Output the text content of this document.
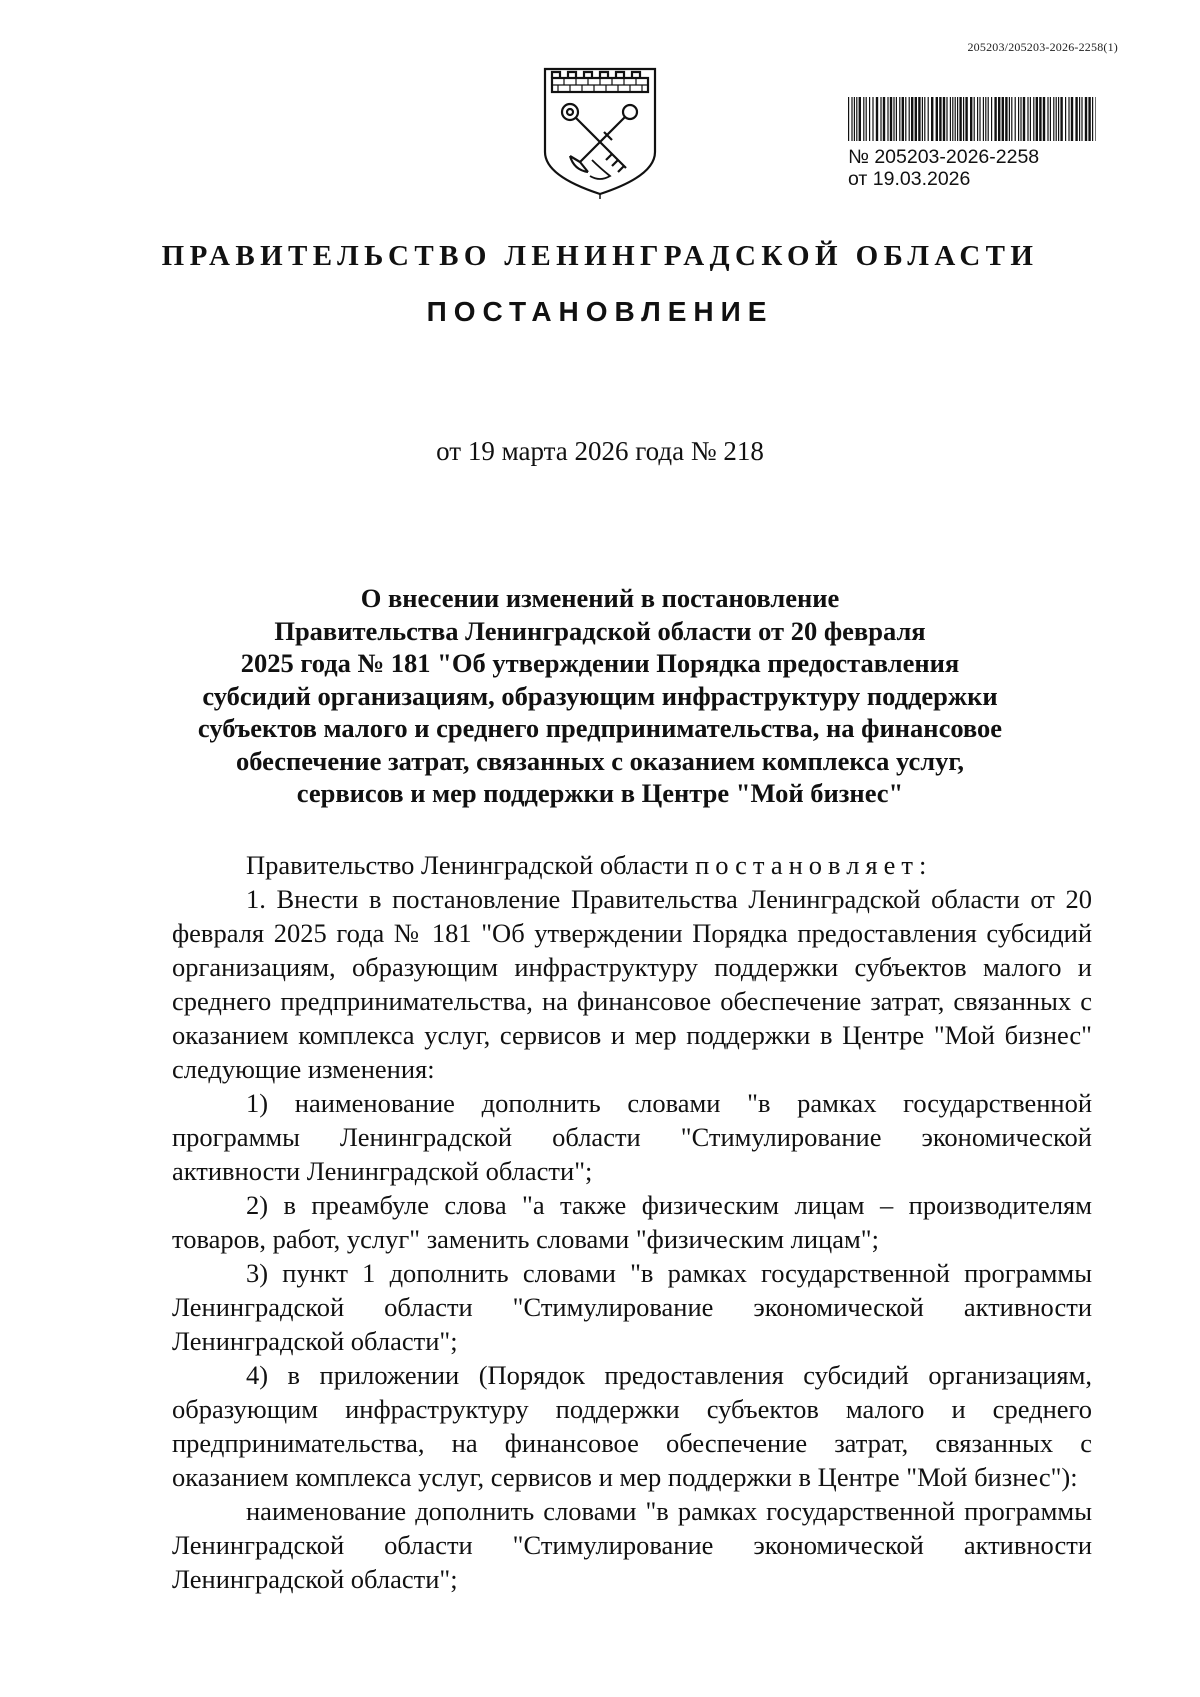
205203/205203-2026-2258(1)
№ 205203-2026-2258
от 19.03.2026
ПРАВИТЕЛЬСТВО ЛЕНИНГРАДСКОЙ ОБЛАСТИ
ПОСТАНОВЛЕНИЕ
от 19 марта 2026 года № 218
О внесении изменений в постановление
Правительства Ленинградской области от 20 февраля
2025 года № 181 "Об утверждении Порядка предоставления
субсидий организациям, образующим инфраструктуру поддержки
субъектов малого и среднего предпринимательства, на финансовое
обеспечение затрат, связанных с оказанием комплекса услуг,
сервисов и мер поддержки в Центре "Мой бизнес"

Правительство Ленинградской области постановляет:

1. Внести в постановление Правительства Ленинградской области от 20 февраля 2025 года № 181 "Об утверждении Порядка предоставления субсидий организациям, образующим инфраструктуру поддержки субъектов малого и среднего предпринимательства, на финансовое обеспечение затрат, связанных с оказанием комплекса услуг, сервисов и мер поддержки в Центре "Мой бизнес" следующие изменения:

1) наименование дополнить словами "в рамках государственной программы Ленинградской области "Стимулирование экономической активности Ленинградской области";

2) в преамбуле слова "а также физическим лицам – производителям товаров, работ, услуг" заменить словами "физическим лицам";

3) пункт 1 дополнить словами "в рамках государственной программы Ленинградской области "Стимулирование экономической активности Ленинградской области";

4) в приложении (Порядок предоставления субсидий организациям, образующим инфраструктуру поддержки субъектов малого и среднего предпринимательства, на финансовое обеспечение затрат, связанных с оказанием комплекса услуг, сервисов и мер поддержки в Центре "Мой бизнес"):

наименование дополнить словами "в рамках государственной программы Ленинградской области "Стимулирование экономической активности Ленинградской области";
